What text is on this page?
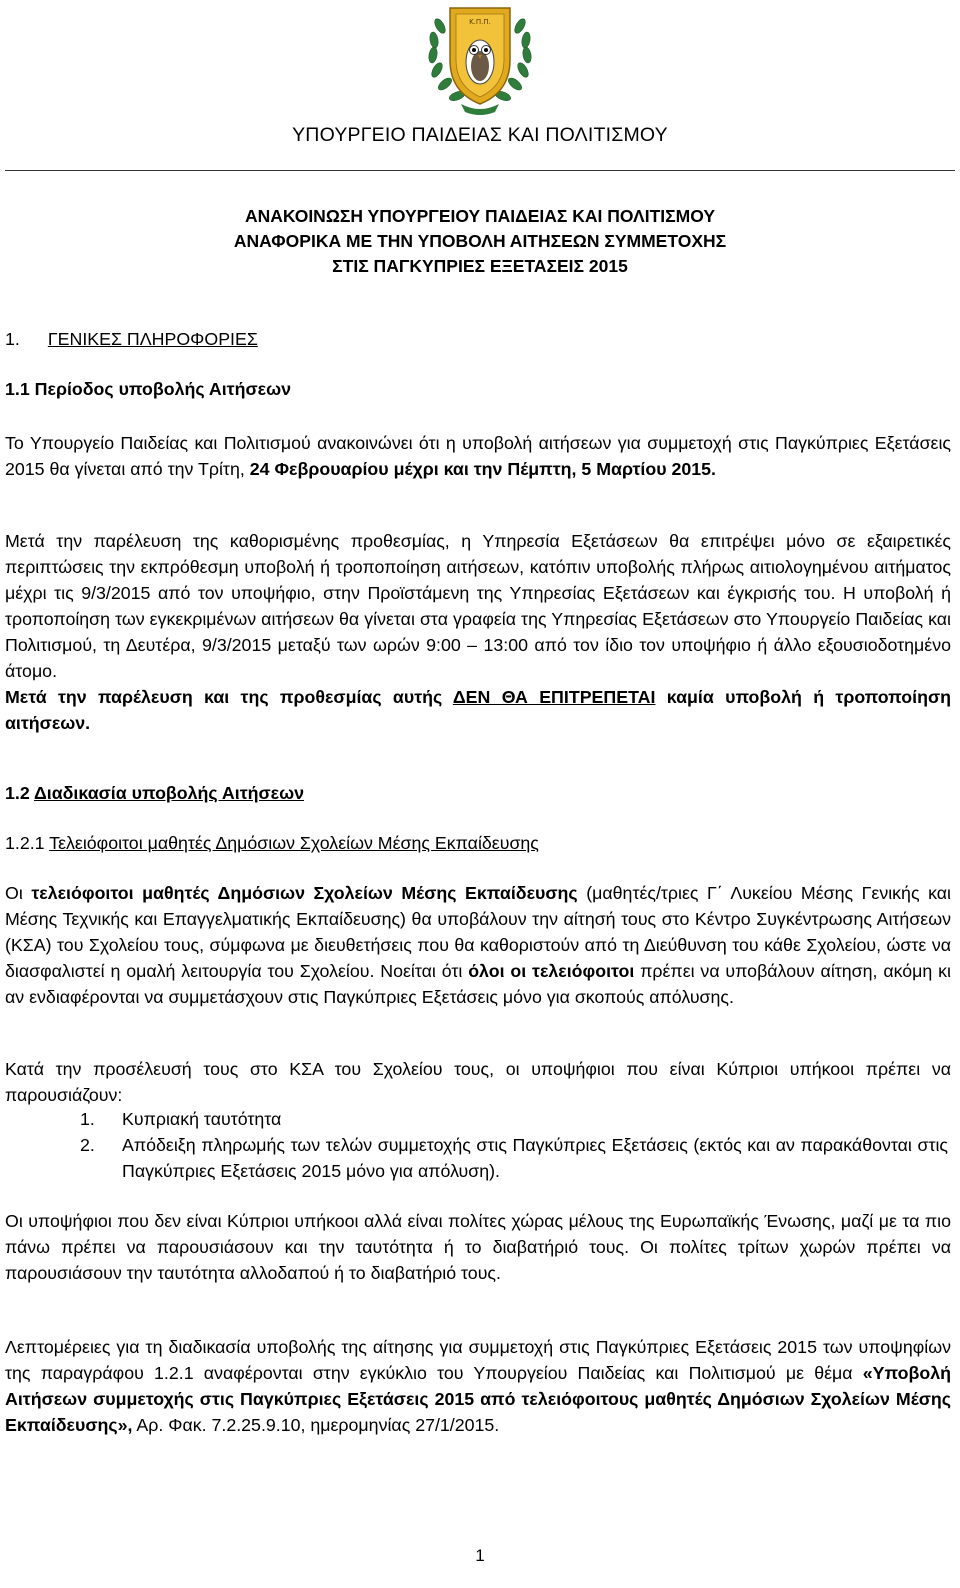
Κ.Π.Π.
ΥΠΟΥΡΓΕΙΟ ΠΑΙΔΕΙΑΣ ΚΑΙ ΠΟΛΙΤΙΣΜΟΥ
ΑΝΑΚΟΙΝΩΣΗ ΥΠΟΥΡΓΕΙΟΥ ΠΑΙΔΕΙΑΣ ΚΑΙ ΠΟΛΙΤΙΣΜΟΥ
ΑΝΑΦΟΡΙΚΑ ΜΕ ΤΗΝ ΥΠΟΒΟΛΗ ΑΙΤΗΣΕΩΝ ΣΥΜΜΕΤΟΧΗΣ
ΣΤΙΣ ΠΑΓΚΥΠΡΙΕΣ ΕΞΕΤΑΣΕΙΣ 2015
1. ΓΕΝΙΚΕΣ ΠΛΗΡΟΦΟΡΙΕΣ
1.1 Περίοδος υποβολής Αιτήσεων
Το Υπουργείο Παιδείας και Πολιτισμού ανακοινώνει ότι η υποβολή αιτήσεων για συμμετοχή στις Παγκύπριες Εξετάσεις 2015 θα γίνεται από την Τρίτη, 24 Φεβρουαρίου μέχρι και την Πέμπτη, 5 Μαρτίου 2015.
Μετά την παρέλευση της καθορισμένης προθεσμίας, η Υπηρεσία Εξετάσεων θα επιτρέψει μόνο σε εξαιρετικές περιπτώσεις την εκπρόθεσμη υποβολή ή τροποποίηση αιτήσεων, κατόπιν υποβολής πλήρως αιτιολογημένου αιτήματος μέχρι τις 9/3/2015 από τον υποψήφιο, στην Προϊστάμενη της Υπηρεσίας Εξετάσεων και έγκρισής του. Η υποβολή ή τροποποίηση των εγκεκριμένων αιτήσεων θα γίνεται στα γραφεία της Υπηρεσίας Εξετάσεων στο Υπουργείο Παιδείας και Πολιτισμού, τη Δευτέρα, 9/3/2015 μεταξύ των ωρών 9:00 – 13:00 από τον ίδιο τον υποψήφιο ή άλλο εξουσιοδοτημένο άτομο.
Μετά την παρέλευση και της προθεσμίας αυτής ΔΕΝ ΘΑ ΕΠΙΤΡΕΠΕΤΑΙ καμία υποβολή ή τροποποίηση αιτήσεων.
1.2 Διαδικασία υποβολής Αιτήσεων
1.2.1 Τελειόφοιτοι μαθητές Δημόσιων Σχολείων Μέσης Εκπαίδευσης
Οι τελειόφοιτοι μαθητές Δημόσιων Σχολείων Μέσης Εκπαίδευσης (μαθητές/τριες Γ΄ Λυκείου Μέσης Γενικής και Μέσης Τεχνικής και Επαγγελματικής Εκπαίδευσης) θα υποβάλουν την αίτησή τους στο Κέντρο Συγκέντρωσης Αιτήσεων (ΚΣΑ) του Σχολείου τους, σύμφωνα με διευθετήσεις που θα καθοριστούν από τη Διεύθυνση του κάθε Σχολείου, ώστε να διασφαλιστεί η ομαλή λειτουργία του Σχολείου. Νοείται ότι όλοι οι τελειόφοιτοι πρέπει να υποβάλουν αίτηση, ακόμη κι αν ενδιαφέρονται να συμμετάσχουν στις Παγκύπριες Εξετάσεις μόνο για σκοπούς απόλυσης.
Κατά την προσέλευσή τους στο ΚΣΑ του Σχολείου τους, οι υποψήφιοι που είναι Κύπριοι υπήκοοι πρέπει να παρουσιάζουν:
1. Κυπριακή ταυτότητα
2. Απόδειξη πληρωμής των τελών συμμετοχής στις Παγκύπριες Εξετάσεις (εκτός και αν παρακάθονται στις Παγκύπριες Εξετάσεις 2015 μόνο για απόλυση).
Οι υποψήφιοι που δεν είναι Κύπριοι υπήκοοι αλλά είναι πολίτες χώρας μέλους της Ευρωπαϊκής Ένωσης, μαζί με τα πιο πάνω πρέπει να παρουσιάσουν και την ταυτότητα ή το διαβατήριό τους. Οι πολίτες τρίτων χωρών πρέπει να παρουσιάσουν την ταυτότητα αλλοδαπού ή το διαβατήριό τους.
Λεπτομέρειες για τη διαδικασία υποβολής της αίτησης για συμμετοχή στις Παγκύπριες Εξετάσεις 2015 των υποψηφίων της παραγράφου 1.2.1 αναφέρονται στην εγκύκλιο του Υπουργείου Παιδείας και Πολιτισμού με θέμα «Υποβολή Αιτήσεων συμμετοχής στις Παγκύπριες Εξετάσεις 2015 από τελειόφοιτους μαθητές Δημόσιων Σχολείων Μέσης Εκπαίδευσης», Αρ. Φακ. 7.2.25.9.10, ημερομηνίας 27/1/2015.
1
